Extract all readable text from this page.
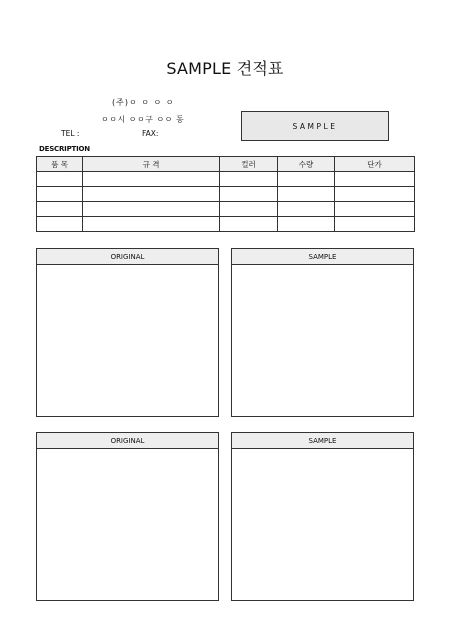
SAMPLE 견적표
(주)ㅇ ㅇ ㅇ ㅇ
ㅇㅇ시 ㅇㅇ구 ㅇㅇ 동
TEL :	FAX:
SAMPLE
DESCRIPTION
품 목	규 격	컬러	수량	단가

ORIGINAL	SAMPLE
ORIGINAL	SAMPLE
